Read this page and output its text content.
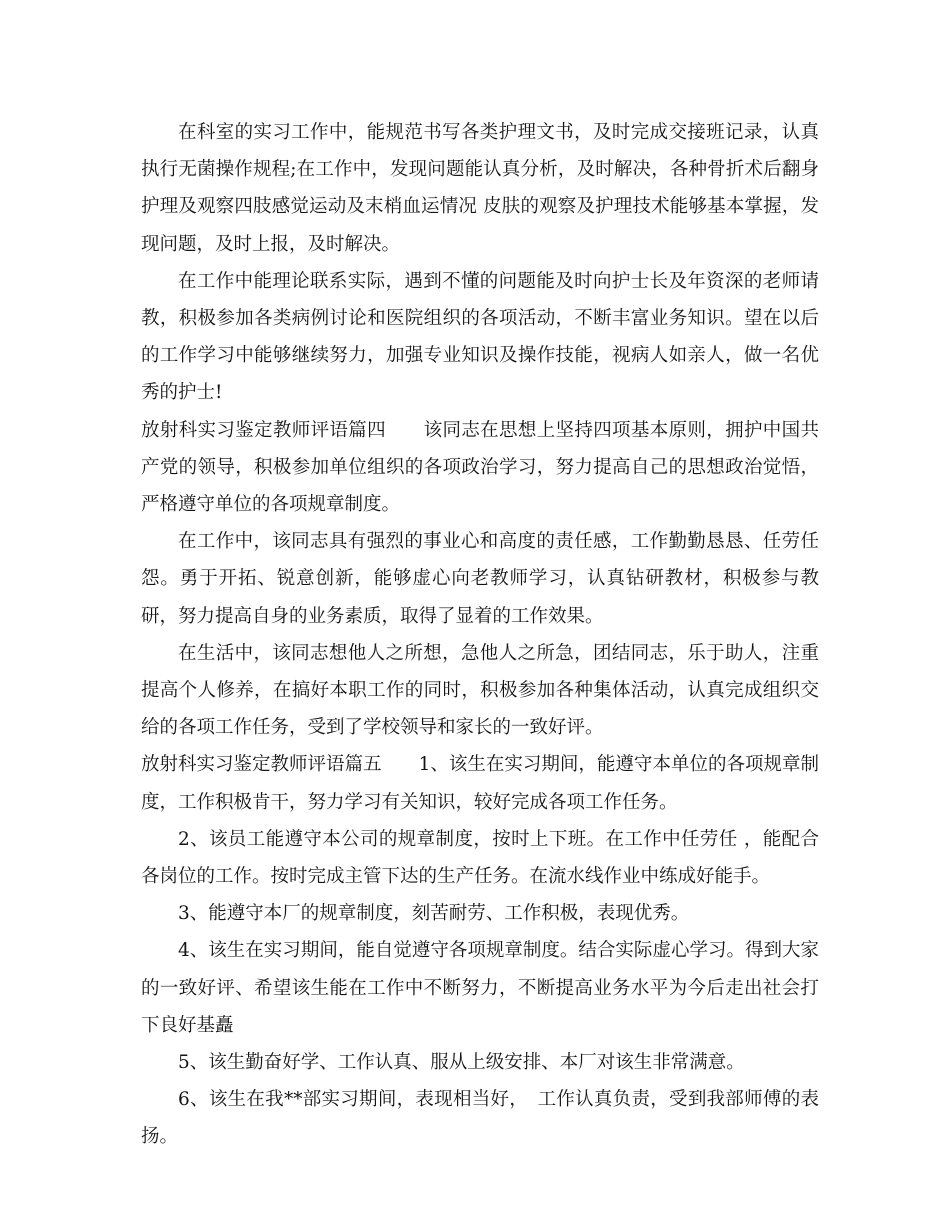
在科室的实习工作中，能规范书写各类护理文书，及时完成交接班记录，认真执行无菌操作规程;在工作中，发现问题能认真分析，及时解决，各种骨折术后翻身护理及观察四肢感觉运动及末梢血运情况 皮肤的观察及护理技术能够基本掌握，发现问题，及时上报，及时解决。

在工作中能理论联系实际，遇到不懂的问题能及时向护士长及年资深的老师请教，积极参加各类病例讨论和医院组织的各项活动，不断丰富业务知识。望在以后的工作学习中能够继续努力，加强专业知识及操作技能，视病人如亲人，做一名优秀的护士!

放射科实习鉴定教师评语篇四　　该同志在思想上坚持四项基本原则，拥护中国共产党的领导，积极参加单位组织的各项政治学习，努力提高自己的思想政治觉悟，严格遵守单位的各项规章制度。

在工作中，该同志具有强烈的事业心和高度的责任感，工作勤勤恳恳、任劳任怨。勇于开拓、锐意创新，能够虚心向老教师学习，认真钻研教材，积极参与教研，努力提高自身的业务素质，取得了显着的工作效果。

在生活中，该同志想他人之所想，急他人之所急，团结同志，乐于助人，注重提高个人修养，在搞好本职工作的同时，积极参加各种集体活动，认真完成组织交给的各项工作任务，受到了学校领导和家长的一致好评。

放射科实习鉴定教师评语篇五　　1、该生在实习期间，能遵守本单位的各项规章制度，工作积极肯干，努力学习有关知识，较好完成各项工作任务。

2、该员工能遵守本公司的规章制度，按时上下班。在工作中任劳任 ，能配合各岗位的工作。按时完成主管下达的生产任务。在流水线作业中练成好能手。

3、能遵守本厂的规章制度，刻苦耐劳、工作积极，表现优秀。

4、该生在实习期间，能自觉遵守各项规章制度。结合实际虚心学习。得到大家的一致好评、希望该生能在工作中不断努力，不断提高业务水平为今后走出社会打下良好基矗

5、该生勤奋好学、工作认真、服从上级安排、本厂对该生非常满意。

6、该生在我**部实习期间，表现相当好，　工作认真负责，受到我部师傅的表扬。
